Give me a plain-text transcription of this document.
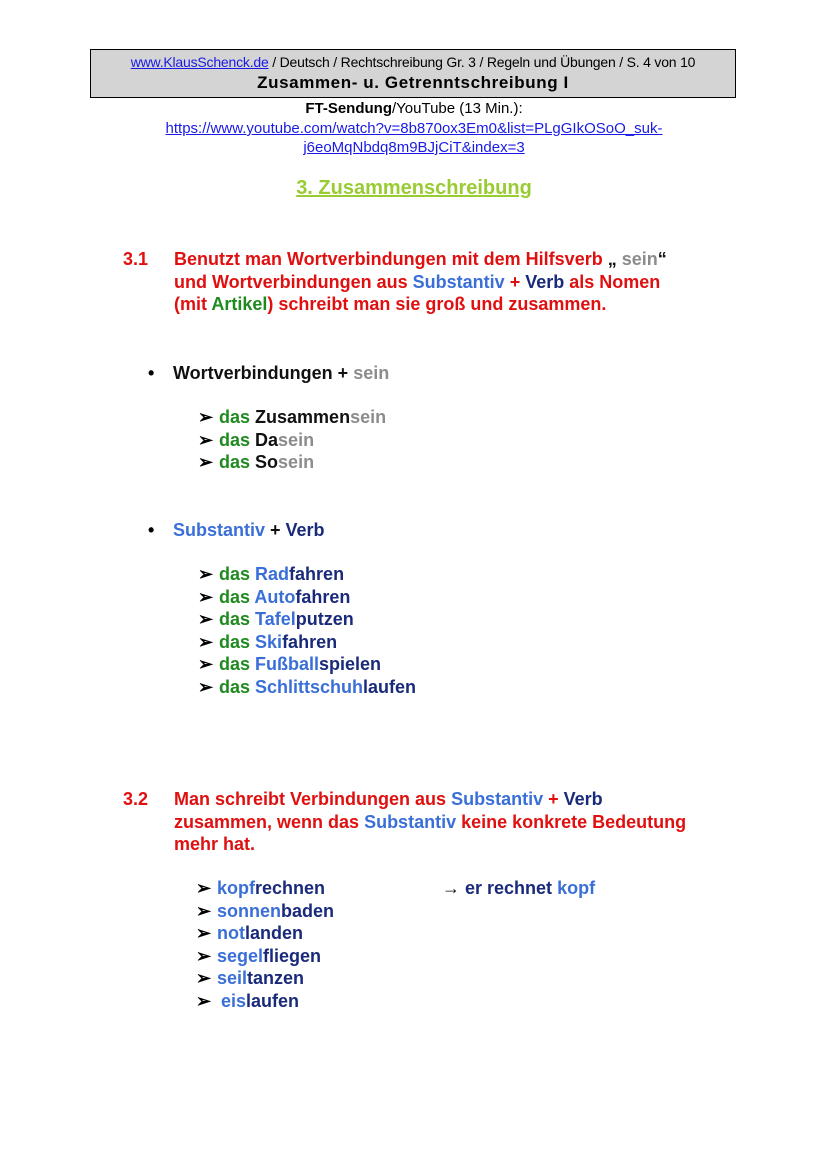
www.KlausSchenck.de / Deutsch / Rechtschreibung Gr. 3 / Regeln und Übungen / S. 4 von 10
Zusammen- u. Getrenntschreibung I
FT-Sendung/YouTube (13 Min.):
https://www.youtube.com/watch?v=8b870ox3Em0&list=PLgGIkOSoO_suk-
j6eoMqNbdq8m9BJjCiT&index=3
3. Zusammenschreibung
3.1 Benutzt man Wortverbindungen mit dem Hilfsverb „ sein“
und Wortverbindungen aus Substantiv + Verb als Nomen
(mit Artikel) schreibt man sie groß und zusammen.
• Wortverbindungen + sein
➢ das Zusammensein
➢ das Dasein
➢ das Sosein
• Substantiv + Verb
➢ das Radfahren
➢ das Autofahren
➢ das Tafelputzen
➢ das Skifahren
➢ das Fußballspielen
➢ das Schlittschuhlaufen
3.2 Man schreibt Verbindungen aus Substantiv + Verb
zusammen, wenn das Substantiv keine konkrete Bedeutung
mehr hat.
➢ kopfrechnen
➢ sonnenbaden
➢ notlanden
➢ segelfliegen
➢ seiltanzen
➢ eislaufen
→ er rechnet kopf
